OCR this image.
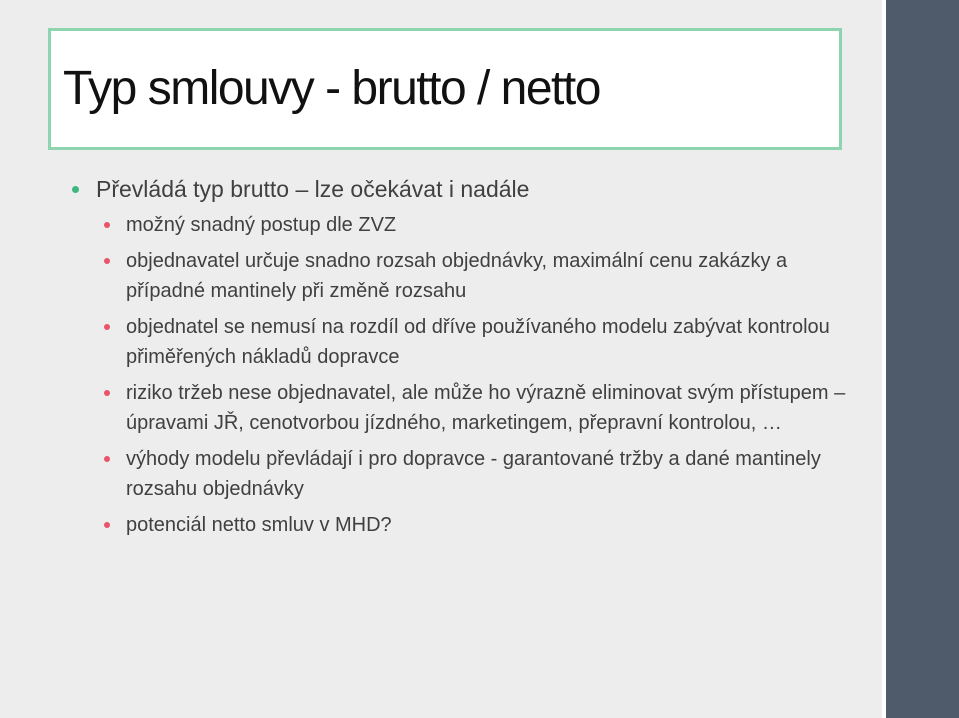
Typ smlouvy - brutto / netto
Převládá typ brutto – lze očekávat i nadále
možný snadný postup dle ZVZ
objednavatel určuje snadno rozsah objednávky, maximální cenu zakázky a případné mantinely při změně rozsahu
objednatel se nemusí na rozdíl od dříve používaného modelu zabývat kontrolou přiměřených nákladů dopravce
riziko tržeb nese objednavatel, ale může ho výrazně eliminovat svým přístupem – úpravami JŘ, cenotvorbou jízdného, marketingem, přepravní kontrolou, …
výhody modelu převládají i pro dopravce - garantované tržby a dané mantinely rozsahu objednávky
potenciál netto smluv v MHD?
